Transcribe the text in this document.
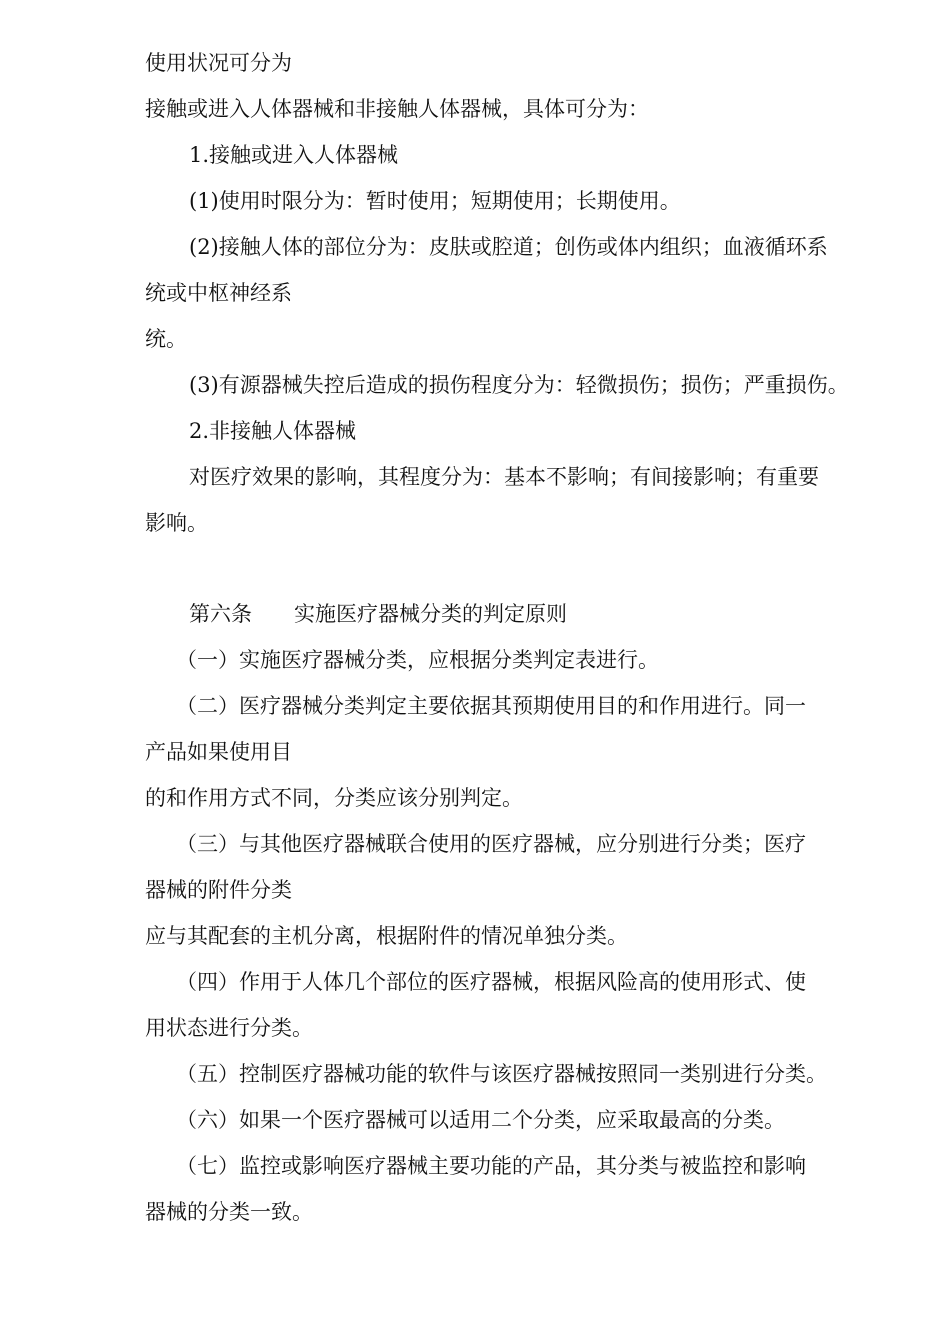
使用状况可分为
接触或进入人体器械和非接触人体器械，具体可分为：
1.接触或进入人体器械
(1)使用时限分为：暂时使用；短期使用；长期使用。
(2)接触人体的部位分为：皮肤或腔道；创伤或体内组织；血液循环系
统或中枢神经系
统。
(3)有源器械失控后造成的损伤程度分为：轻微损伤；损伤；严重损伤。
2.非接触人体器械
对医疗效果的影响，其程度分为：基本不影响；有间接影响；有重要
影响。
第六条　　实施医疗器械分类的判定原则
（一）实施医疗器械分类，应根据分类判定表进行。
（二）医疗器械分类判定主要依据其预期使用目的和作用进行。同一
产品如果使用目
的和作用方式不同，分类应该分别判定。
（三）与其他医疗器械联合使用的医疗器械，应分别进行分类；医疗
器械的附件分类
应与其配套的主机分离，根据附件的情况单独分类。
（四）作用于人体几个部位的医疗器械，根据风险高的使用形式、使
用状态进行分类。
（五）控制医疗器械功能的软件与该医疗器械按照同一类别进行分类。
（六）如果一个医疗器械可以适用二个分类，应采取最高的分类。
（七）监控或影响医疗器械主要功能的产品，其分类与被监控和影响
器械的分类一致。
